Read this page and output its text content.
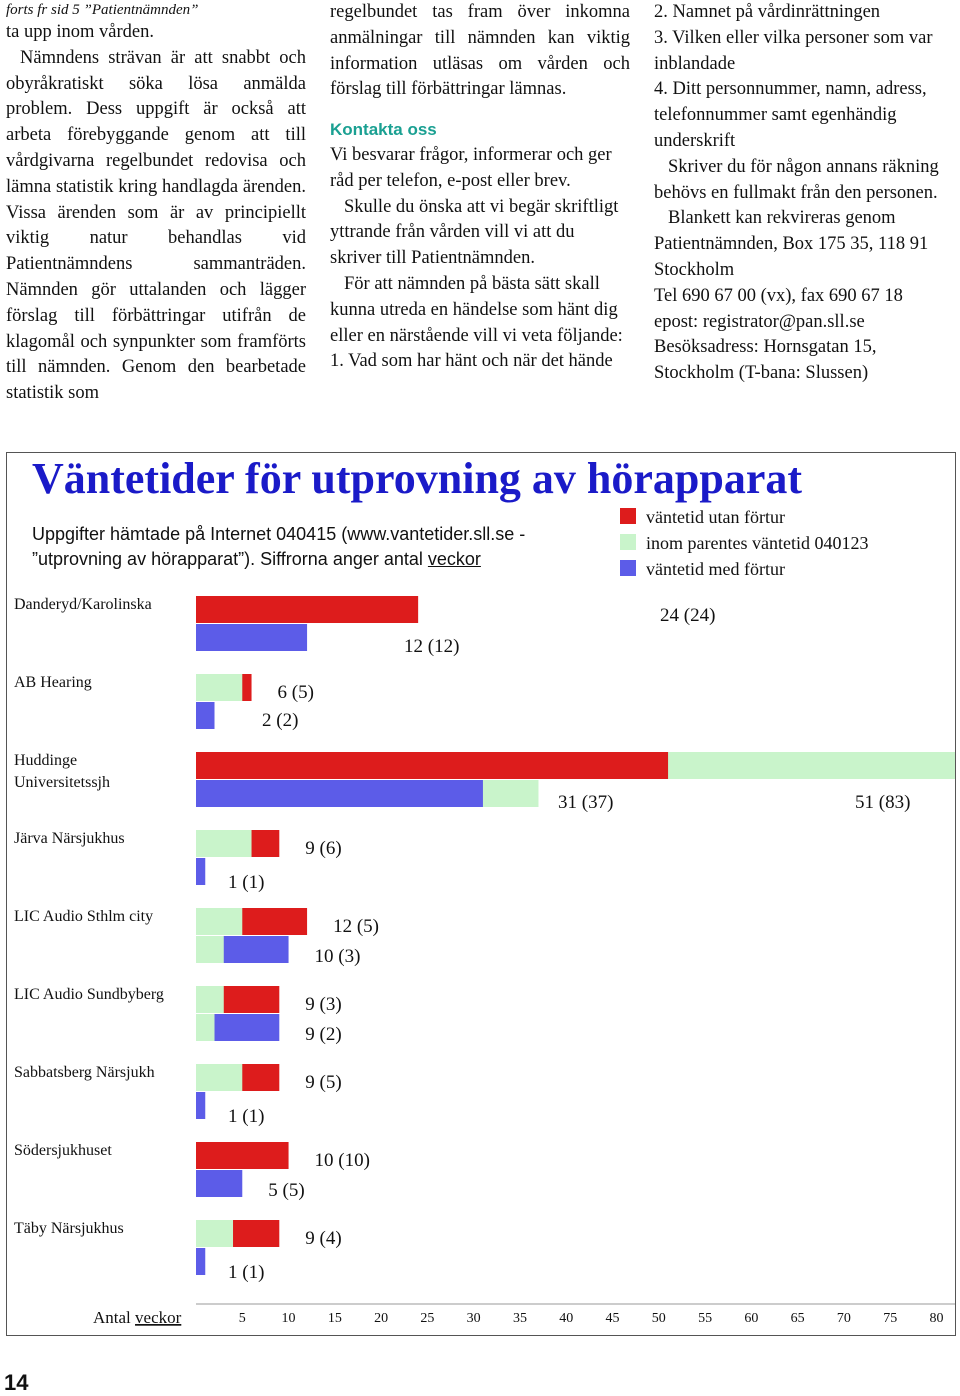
forts fr sid 5 ”Patientnämnden”

ta upp inom vården.

Nämndens strävan är att snabbt och obyråkratiskt söka lösa anmälda problem. Dess uppgift är också att arbeta förebyggande genom att till vårdgivarna regelbundet redovisa och lämna statistik kring handlagda ärenden. Vissa ärenden som är av principiellt viktig natur behandlas vid Patientnämndens sammanträden. Nämnden gör uttalanden och lägger förslag till förbättringar utifrån de klagomål och synpunkter som framförts till nämnden. Genom den bearbetade statistik som

regelbundet tas fram över inkomna anmälningar till nämnden kan viktig information utläsas om vården och förslag till förbättringar lämnas.

Kontakta oss

Vi besvarar frågor, informerar och ger råd per telefon, e-post eller brev.

Skulle du önska att vi begär skriftligt yttrande från vården vill vi att du skriver till Patientnämnden.

För att nämnden på bästa sätt skall kunna utreda en händelse som hänt dig eller en närstående vill vi veta följande:

1. Vad som har hänt och när det hände

2. Namnet på vårdinrättningen

3. Vilken eller vilka personer som var inblandade

4. Ditt personnummer, namn, adress, telefonnummer samt egenhändig underskrift

Skriver du för någon annans räkning behövs en fullmakt från den personen.

Blankett kan rekvireras genom Patientnämnden, Box 175 35, 118 91 Stockholm

Tel 690 67 00 (vx), fax 690 67 18

epost: registrator@pan.sll.se

Besöksadress: Hornsgatan 15, Stockholm (T-bana: Slussen)

Väntetider för utprovning av hörapparat
Uppgifter hämtade på Internet 040415 (www.vantetider.sll.se - ”utprovning av hörapparat”). Siffrorna anger antal veckor
väntetid utan förtur
inom parentes väntetid 040123
väntetid med förtur
Danderyd/Karolinska
24 (24)
12 (12)
AB Hearing	6 (5)
2 (2)
Huddinge
Universitetssjh
51 (83)
31 (37)
Järva Närsjukhus	9 (6)
1 (1)
LIC Audio Sthlm city	12 (5)
10 (3)
LIC Audio Sundbyberg	9 (3)
9 (2)
Sabbatsberg Närsjukh	9 (5)
1 (1)
Södersjukhuset	10 (10)
5 (5)
Täby Närsjukhus	9 (4)
1 (1)
5	10 15 20 25 30 35 40 45 50 55 60 65 70 75 80
Antal veckor
14
